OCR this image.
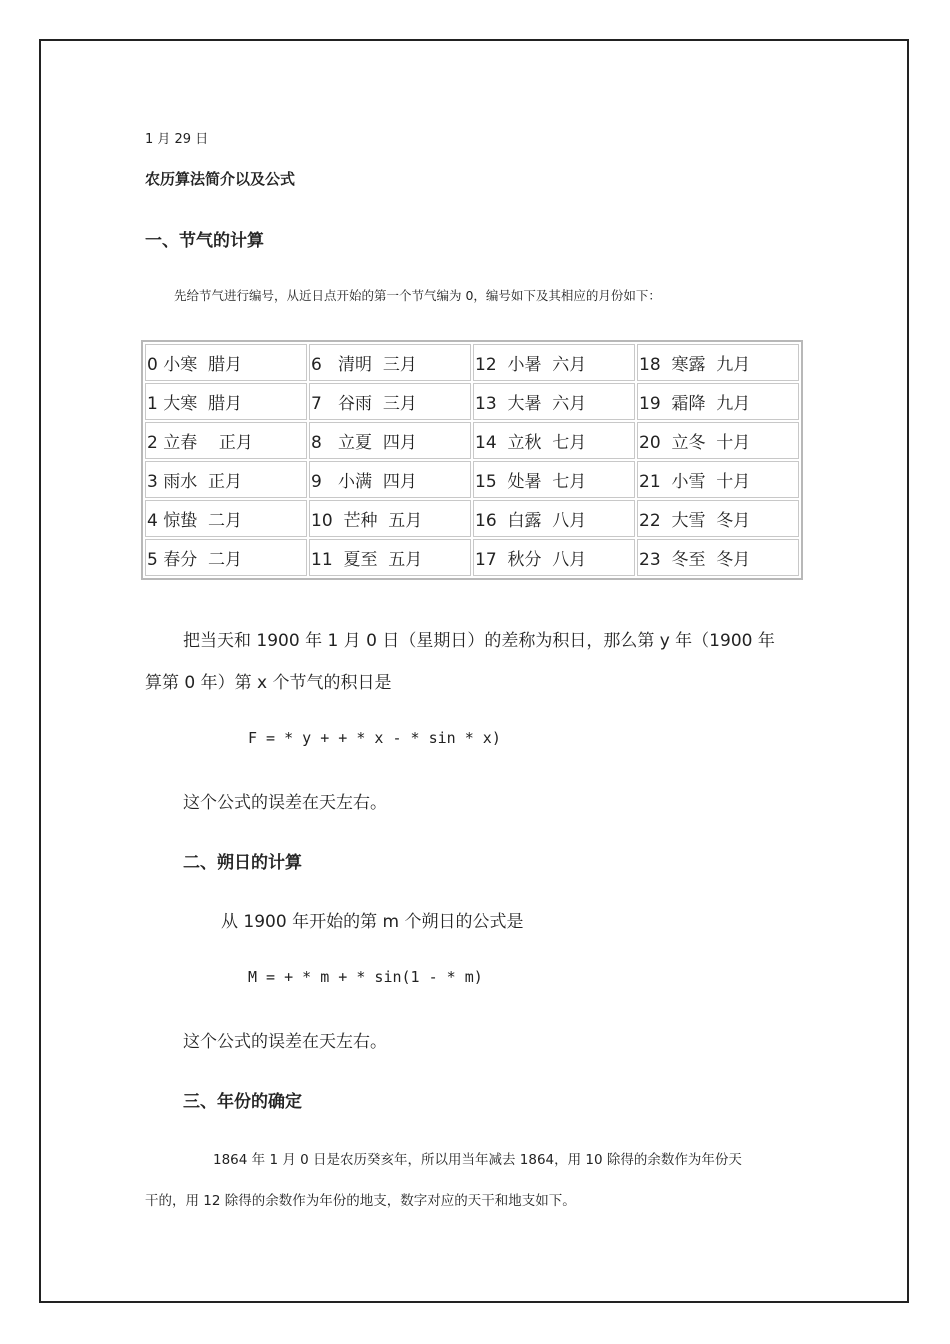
1 月 29 日
农历算法简介以及公式
一、节气的计算
先给节气进行编号，从近日点开始的第一个节气编为 0，编号如下及其相应的月份如下：
0 小寒  腊月	6   清明  三月	12  小暑  六月	18  寒露  九月
1 大寒  腊月	7   谷雨  三月	13  大暑  六月	19  霜降  九月
2 立春    正月	8   立夏  四月	14  立秋  七月	20  立冬  十月
3 雨水  正月	9   小满  四月	15  处暑  七月	21  小雪  十月
4 惊蛰  二月	10  芒种  五月	16  白露  八月	22  大雪  冬月
5 春分  二月	11  夏至  五月	17  秋分  八月	23  冬至  冬月
把当天和 1900 年 1 月 0 日（星期日）的差称为积日，那么第 y 年（1900 年
算第 0 年）第 x 个节气的积日是
F = * y + + * x - * sin * x)
这个公式的误差在天左右。
二、朔日的计算
从 1900 年开始的第 m 个朔日的公式是
M = + * m + * sin(1 - * m)
这个公式的误差在天左右。
三、年份的确定
1864 年 1 月 0 日是农历癸亥年，所以用当年减去 1864，用 10 除得的余数作为年份天
干的，用 12 除得的余数作为年份的地支，数字对应的天干和地支如下。
